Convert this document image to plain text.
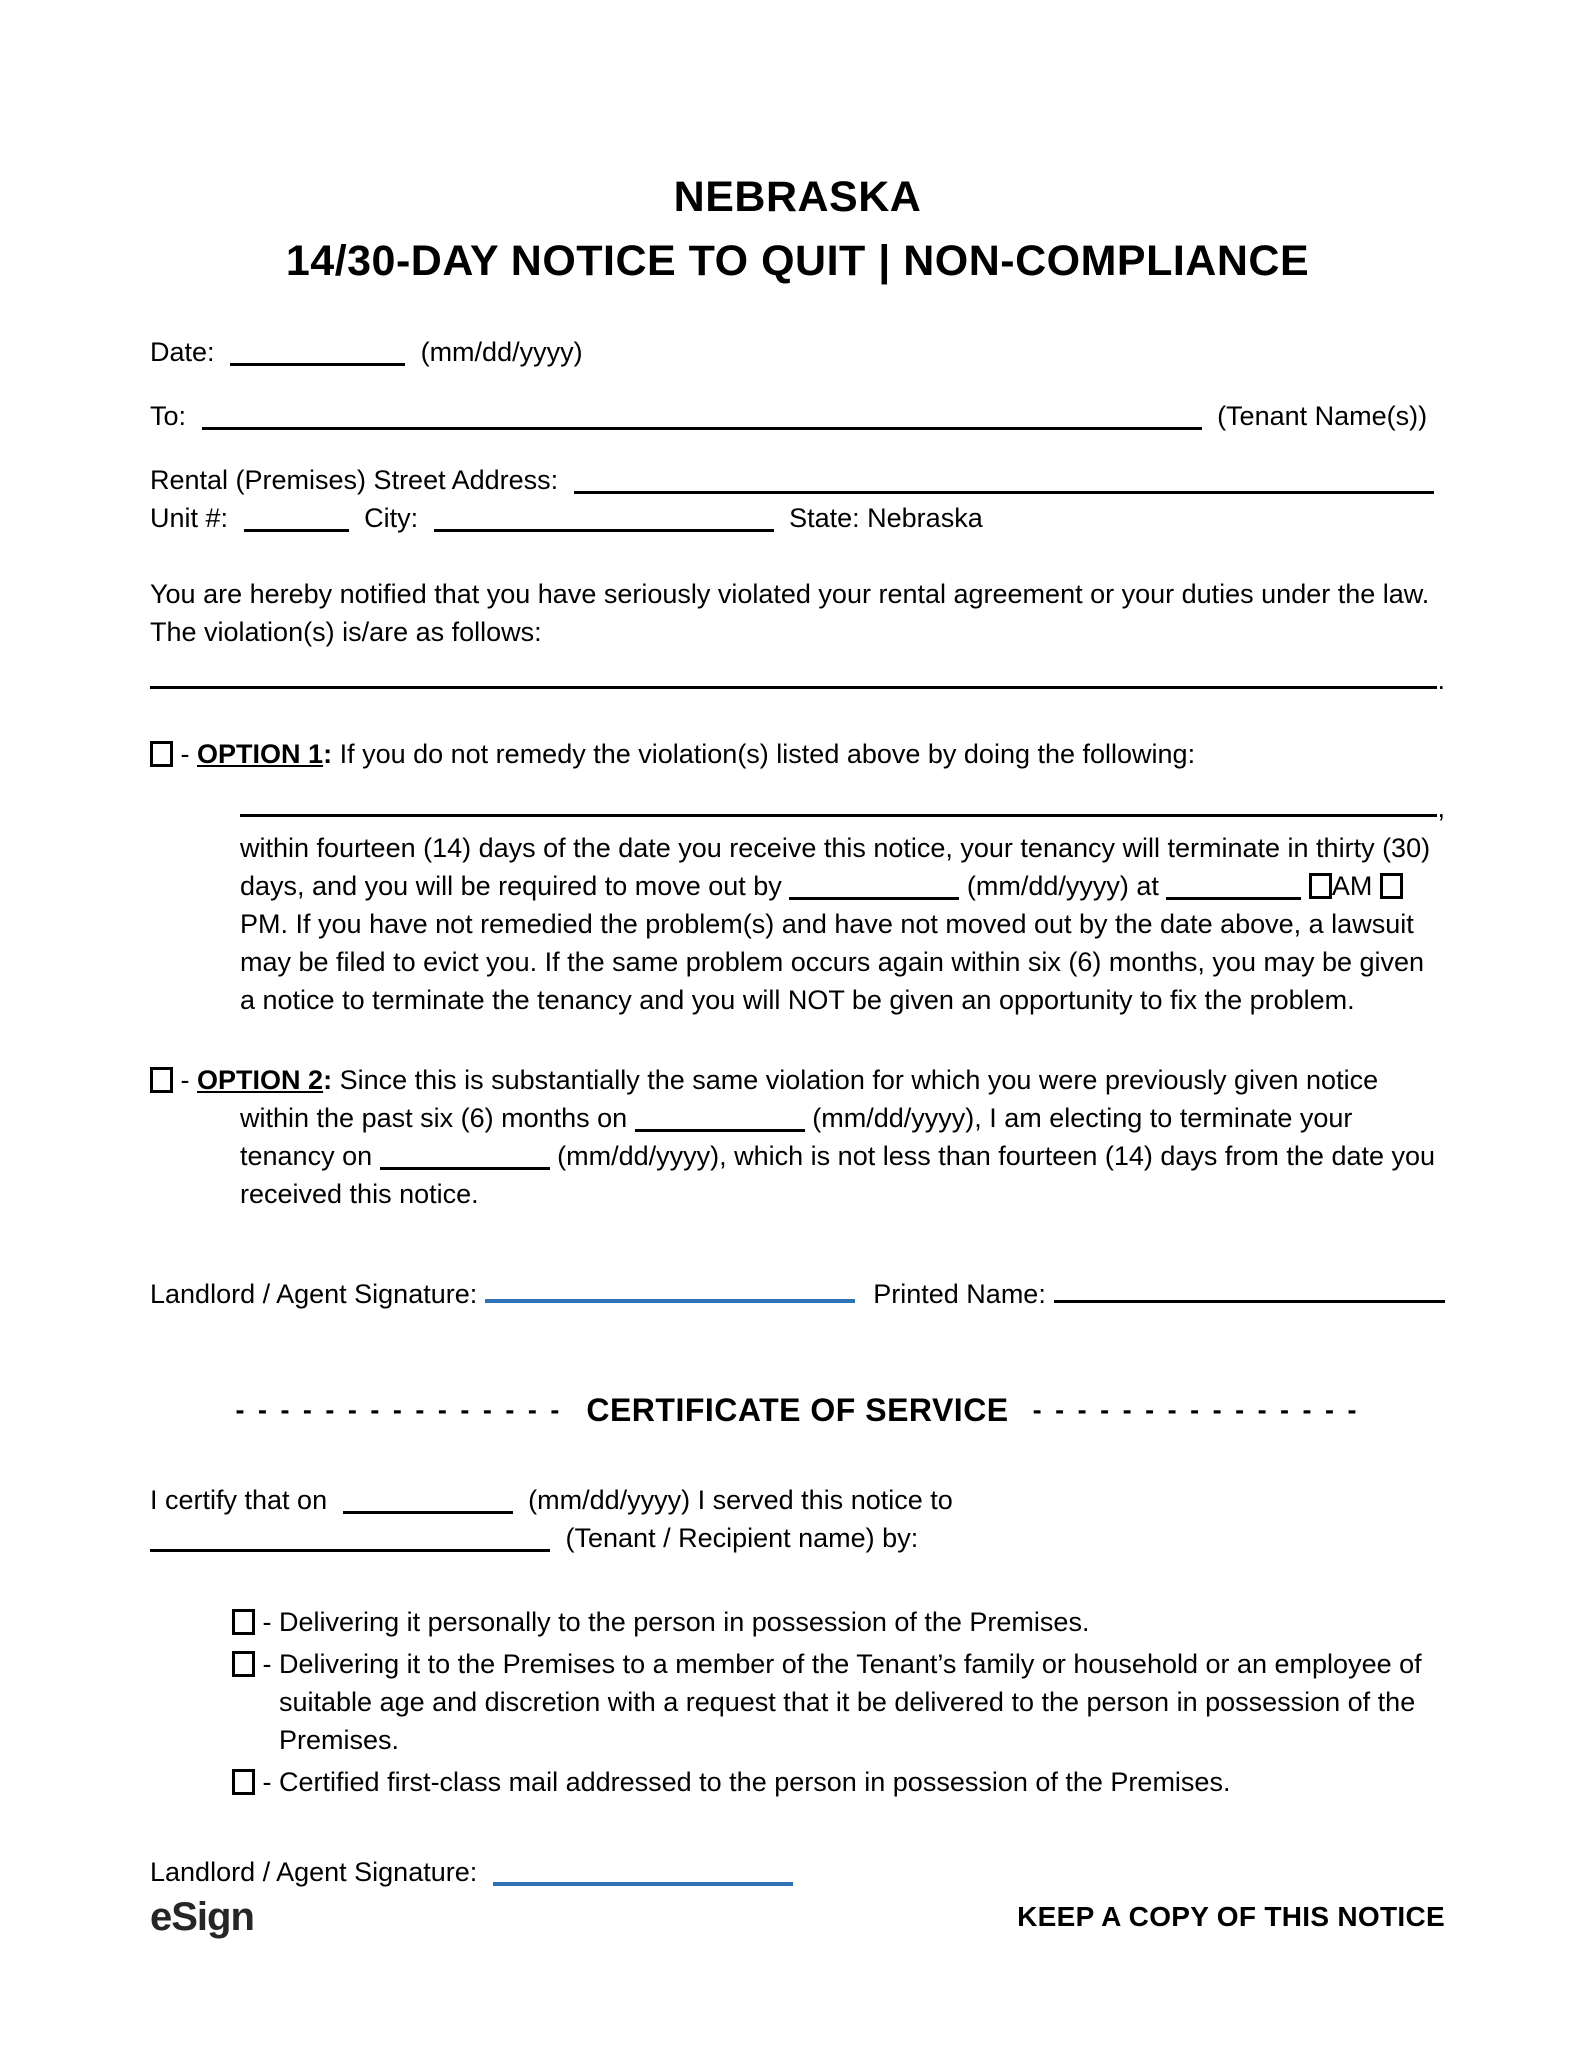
NEBRASKA
14/30-DAY NOTICE TO QUIT | NON-COMPLIANCE
Date:	(mm/dd/yyyy)
To:	(Tenant Name(s))
Rental (Premises) Street Address:
Unit #:	City:	State: Nebraska
You are hereby notified that you have seriously violated your rental agreement or your duties under the law. The violation(s) is/are as follows:
.
- OPTION 1: If you do not remedy the violation(s) listed above by doing the following:
,
within fourteen (14) days of the date you receive this notice, your tenancy will terminate in thirty (30) days, and you will be required to move out by	(mm/dd/yyyy) at	AM PM. If you have not remedied the problem(s) and have not moved out by the date above, a lawsuit may be filed to evict you. If the same problem occurs again within six (6) months, you may be given a notice to terminate the tenancy and you will NOT be given an opportunity to fix the problem.
- OPTION 2: Since this is substantially the same violation for which you were previously given notice within the past six (6) months on	(mm/dd/yyyy), I am electing to terminate your tenancy on	(mm/dd/yyyy), which is not less than fourteen (14) days from the date you received this notice.
Landlord / Agent Signature:	Printed Name:
- - - - - - - - - - - - - - - CERTIFICATE OF SERVICE - - - - - - - - - - - - - - -
I certify that on	(mm/dd/yyyy) I served this notice to
(Tenant / Recipient name) by:
- Delivering it personally to the person in possession of the Premises.
- Delivering it to the Premises to a member of the Tenant’s family or household or an employee of suitable age and discretion with a request that it be delivered to the person in possession of the Premises.
- Certified first-class mail addressed to the person in possession of the Premises.
Landlord / Agent Signature:
eSign	KEEP A COPY OF THIS NOTICE
